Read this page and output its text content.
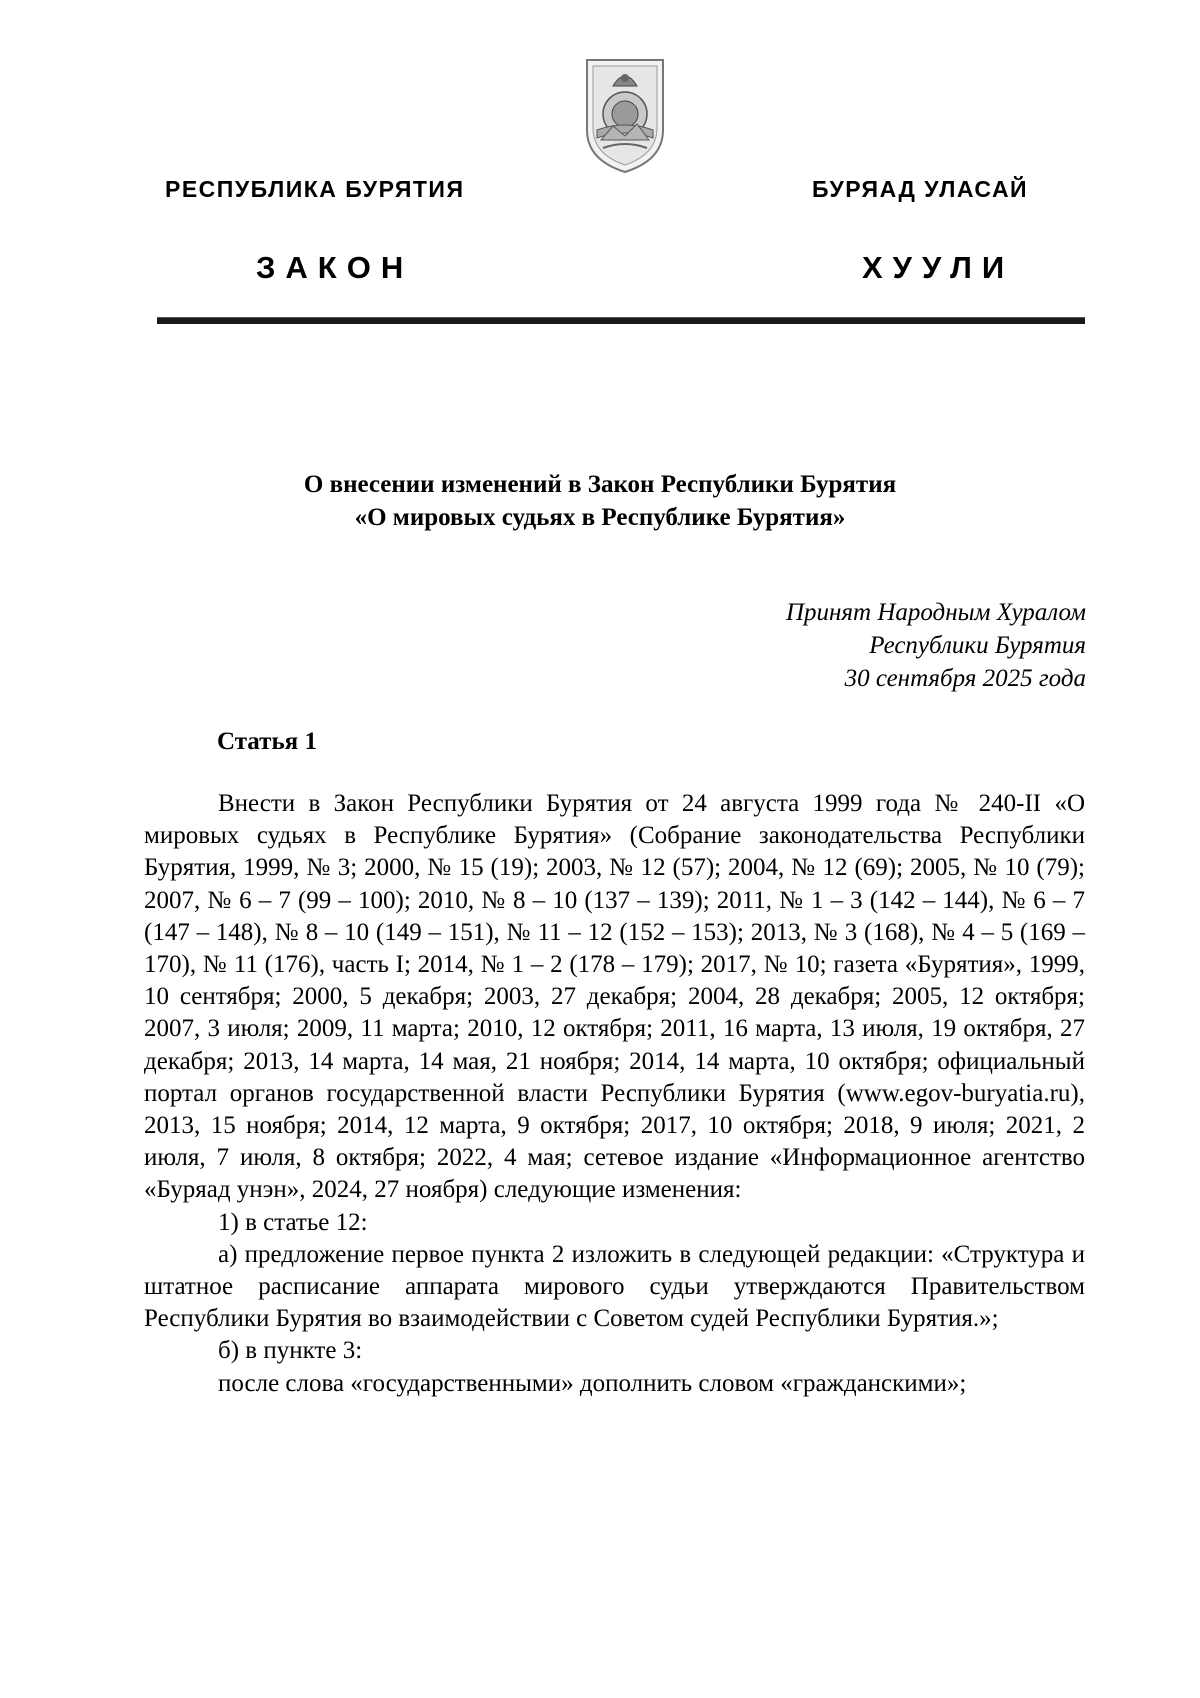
РЕСПУБЛИКА БУРЯТИЯ	БУРЯАД УЛАСАЙ
ЗАКОН	ХУУЛИ
О внесении изменений в Закон Республики Бурятия
«О мировых судьях в Республике Бурятия»
Принят Народным Хуралом
Республики Бурятия
30 сентября 2025 года
Статья 1

Внести в Закон Республики Бурятия от 24 августа 1999 года № 240-II «О мировых судьях в Республике Бурятия» (Собрание законодательства Республики Бурятия, 1999, № 3; 2000, № 15 (19); 2003, № 12 (57); 2004, № 12 (69); 2005, № 10 (79); 2007, № 6 – 7 (99 – 100); 2010, № 8 – 10 (137 – 139); 2011, № 1 – 3 (142 – 144), № 6 – 7 (147 – 148), № 8 – 10 (149 – 151), № 11 – 12 (152 – 153); 2013, № 3 (168), № 4 – 5 (169 – 170), № 11 (176), часть I; 2014, № 1 – 2 (178 – 179); 2017, № 10; газета «Бурятия», 1999, 10 сентября; 2000, 5 декабря; 2003, 27 декабря; 2004, 28 декабря; 2005, 12 октября; 2007, 3 июля; 2009, 11 марта; 2010, 12 октября; 2011, 16 марта, 13 июля, 19 октября, 27 декабря; 2013, 14 марта, 14 мая, 21 ноября; 2014, 14 марта, 10 октября; официальный портал органов государственной власти Республики Бурятия (www.egov-buryatia.ru), 2013, 15 ноября; 2014, 12 марта, 9 октября; 2017, 10 октября; 2018, 9 июля; 2021, 2 июля, 7 июля, 8 октября; 2022, 4 мая; сетевое издание «Информационное агентство «Буряад унэн», 2024, 27 ноября) следующие изменения:

1) в статье 12:

а) предложение первое пункта 2 изложить в следующей редакции: «Структура и штатное расписание аппарата мирового судьи утверждаются Правительством Республики Бурятия во взаимодействии с Советом судей Республики Бурятия.»;

б) в пункте 3:

после слова «государственными» дополнить словом «гражданскими»;
